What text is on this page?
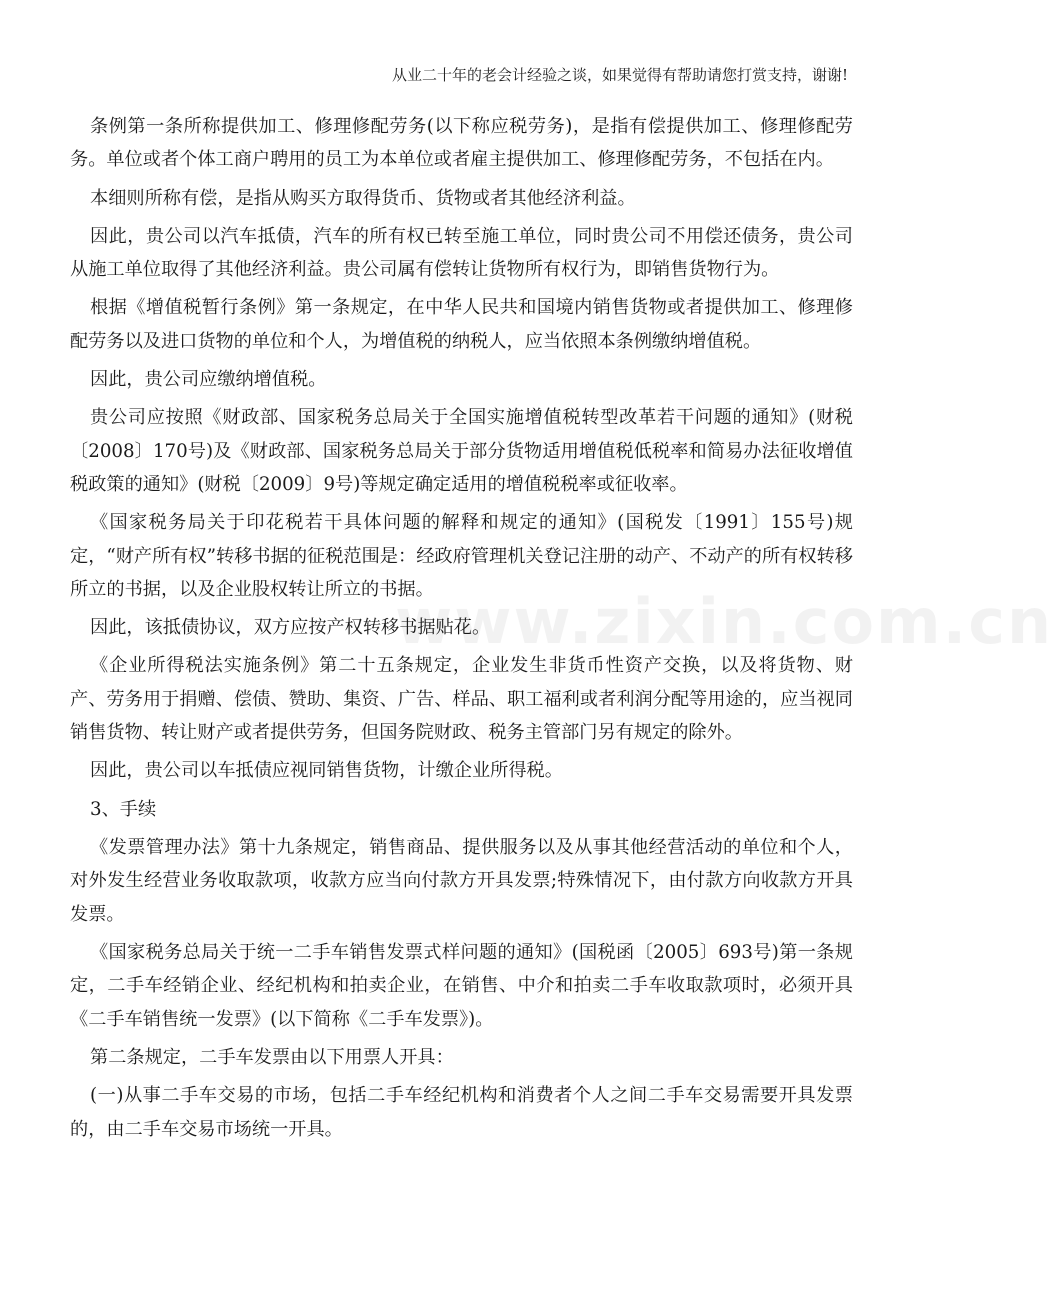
从业二十年的老会计经验之谈，如果觉得有帮助请您打赏支持，谢谢!
www.zixin.com.cn

条例第一条所称提供加工、修理修配劳务(以下称应税劳务)，是指有偿提供加工、修理修配劳务。单位或者个体工商户聘用的员工为本单位或者雇主提供加工、修理修配劳务，不包括在内。

本细则所称有偿，是指从购买方取得货币、货物或者其他经济利益。

因此，贵公司以汽车抵债，汽车的所有权已转至施工单位，同时贵公司不用偿还债务，贵公司从施工单位取得了其他经济利益。贵公司属有偿转让货物所有权行为，即销售货物行为。

根据《增值税暂行条例》第一条规定，在中华人民共和国境内销售货物或者提供加工、修理修配劳务以及进口货物的单位和个人，为增值税的纳税人，应当依照本条例缴纳增值税。

因此，贵公司应缴纳增值税。

贵公司应按照《财政部、国家税务总局关于全国实施增值税转型改革若干问题的通知》(财税〔2008〕170号)及《财政部、国家税务总局关于部分货物适用增值税低税率和简易办法征收增值税政策的通知》(财税〔2009〕9号)等规定确定适用的增值税税率或征收率。

《国家税务局关于印花税若干具体问题的解释和规定的通知》(国税发〔1991〕155号)规定，“财产所有权”转移书据的征税范围是：经政府管理机关登记注册的动产、不动产的所有权转移所立的书据，以及企业股权转让所立的书据。

因此，该抵债协议，双方应按产权转移书据贴花。

《企业所得税法实施条例》第二十五条规定，企业发生非货币性资产交换，以及将货物、财产、劳务用于捐赠、偿债、赞助、集资、广告、样品、职工福利或者利润分配等用途的，应当视同销售货物、转让财产或者提供劳务，但国务院财政、税务主管部门另有规定的除外。

因此，贵公司以车抵债应视同销售货物，计缴企业所得税。

3、手续

《发票管理办法》第十九条规定，销售商品、提供服务以及从事其他经营活动的单位和个人，对外发生经营业务收取款项，收款方应当向付款方开具发票;特殊情况下，由付款方向收款方开具发票。

《国家税务总局关于统一二手车销售发票式样问题的通知》(国税函〔2005〕693号)第一条规定，二手车经销企业、经纪机构和拍卖企业，在销售、中介和拍卖二手车收取款项时，必须开具《二手车销售统一发票》(以下简称《二手车发票》)。

第二条规定，二手车发票由以下用票人开具：

(一)从事二手车交易的市场，包括二手车经纪机构和消费者个人之间二手车交易需要开具发票的，由二手车交易市场统一开具。
